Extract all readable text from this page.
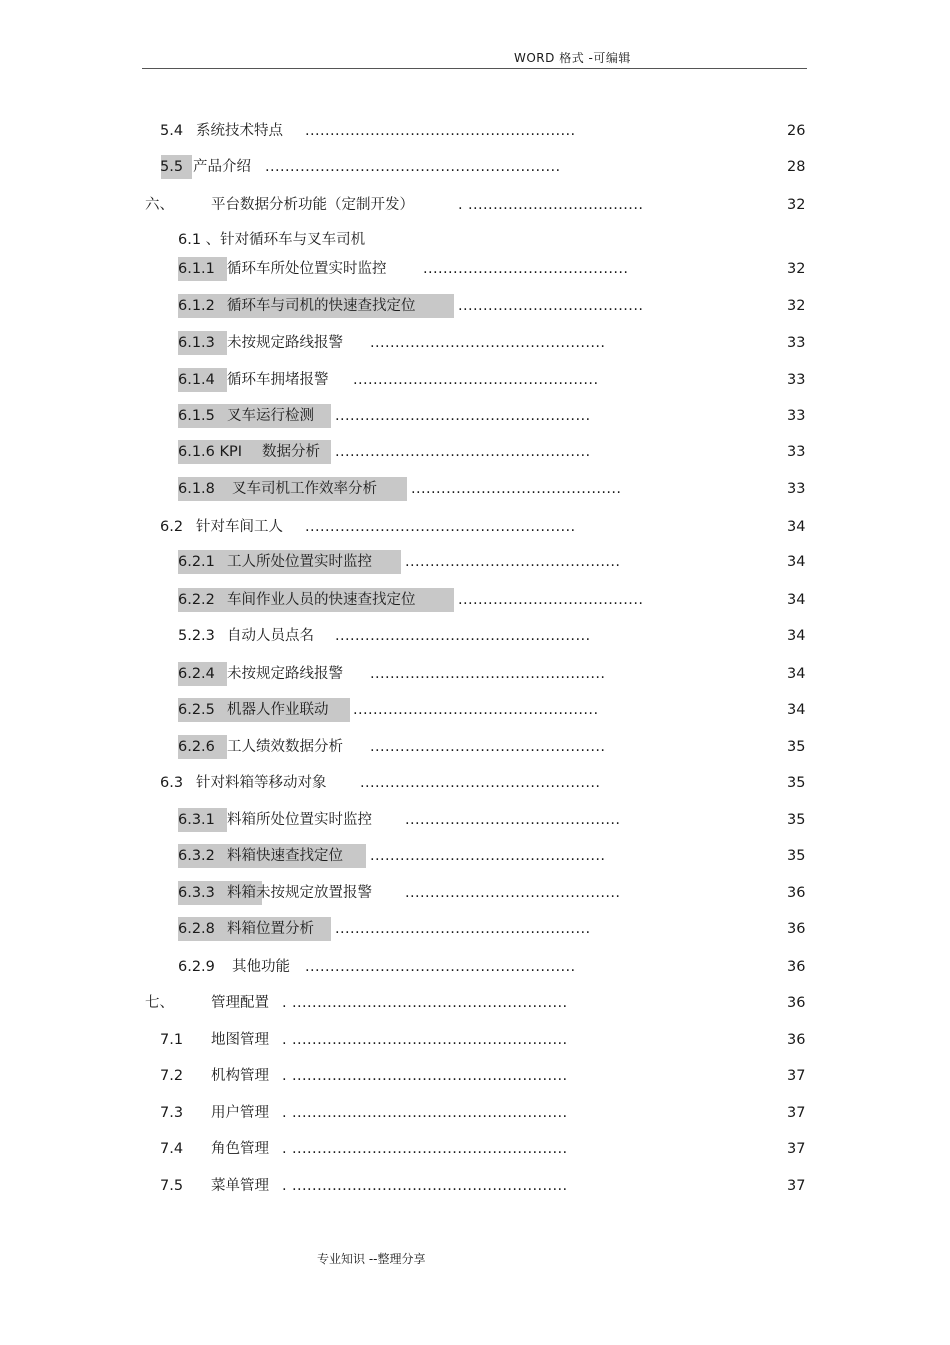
WORD 格式 -可编辑
5.4 系统技术特点 ......................................................	26
5.5 产品介绍 ...........................................................	28
六、	平台数据分析功能（定制开发）	. ...................................	32
6.1 、针对循环车与叉车司机
6.1.1 循环车所处位置实时监控	.........................................	32
6.1.2 循环车与司机的快速查找定位	.....................................	32
6.1.3 未按规定路线报警 ...............................................	33
6.1.4 循环车拥堵报警 .................................................	33
6.1.5 叉车运行检测 ...................................................	33
6.1.6 KPI 数据分析 ...................................................	33
6.1.8 叉车司机工作效率分析 ..........................................	33
6.2 针对车间工人 ......................................................	34
6.2.1 工人所处位置实时监控 ...........................................	34
6.2.2 车间作业人员的快速查找定位	.....................................	34
5.2.3 自动人员点名 ...................................................	34
6.2.4 未按规定路线报警 ...............................................	34
6.2.5 机器人作业联动 .................................................	34
6.2.6 工人绩效数据分析 ...............................................	35
6.3 针对料箱等移动对象 ................................................	35
6.3.1 料箱所处位置实时监控 ...........................................	35
6.3.2 料箱快速查找定位 ...............................................	35
6.3.3 料箱未按规定放置报警 ...........................................	36
6.2.8 料箱位置分析 ...................................................	36
6.2.9 其他功能 ......................................................	36
七、	管理配置 . .......................................................	36
7.1 地图管理 . .......................................................	36
7.2 机构管理 . .......................................................	37
7.3 用户管理 . .......................................................	37
7.4 角色管理 . .......................................................	37
7.5 菜单管理 . .......................................................	37
专业知识 --整理分享
